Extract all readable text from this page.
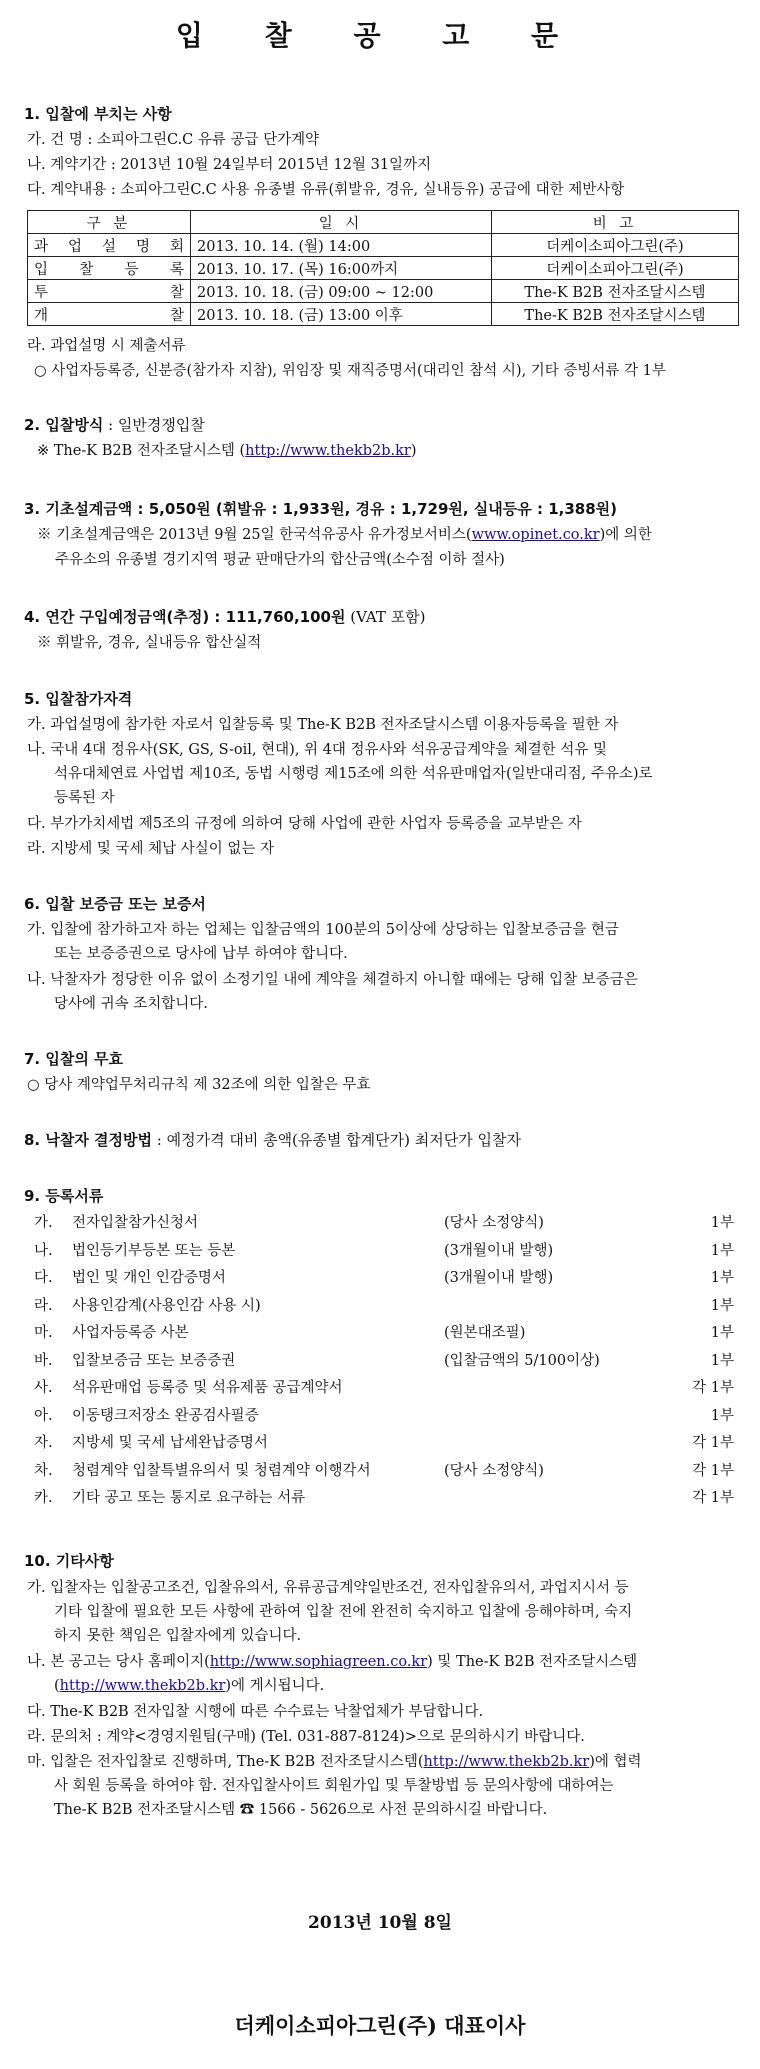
입 찰 공 고 문
1. 입찰에 부치는 사항
가. 건 명 : 소피아그린C.C 유류 공급 단가계약
나. 계약기간 : 2013년 10월 24일부터 2015년 12월 31일까지
다. 계약내용 : 소피아그린C.C 사용 유종별 유류(휘발유, 경유, 실내등유) 공급에 대한 제반사항
구 분	일 시	비 고
과 업 설 명 회	2013. 10. 14. (월) 14:00	더케이소피아그린(주)
입 찰 등 록	2013. 10. 17. (목) 16:00까지	더케이소피아그린(주)
투 찰	2013. 10. 18. (금) 09:00 ~ 12:00	The-K B2B 전자조달시스템
개 찰	2013. 10. 18. (금) 13:00 이후	The-K B2B 전자조달시스템
라. 과업설명 시 제출서류
○ 사업자등록증, 신분증(참가자 지참), 위임장 및 재직증명서(대리인 참석 시), 기타 증빙서류 각 1부
2. 입찰방식 : 일반경쟁입찰
※ The-K B2B 전자조달시스템 (http://www.thekb2b.kr)
3. 기초설계금액 : 5,050원 (휘발유 : 1,933원, 경유 : 1,729원, 실내등유 : 1,388원)
※ 기초설계금액은 2013년 9월 25일 한국석유공사 유가정보서비스(www.opinet.co.kr)에 의한
주유소의 유종별 경기지역 평균 판매단가의 합산금액(소수점 이하 절사)
4. 연간 구입예정금액(추정) : 111,760,100원 (VAT 포함)
※ 휘발유, 경유, 실내등유 합산실적
5. 입찰참가자격
가. 과업설명에 참가한 자로서 입찰등록 및 The-K B2B 전자조달시스템 이용자등록을 필한 자
나. 국내 4대 정유사(SK, GS, S-oil, 현대), 위 4대 정유사와 석유공급계약을 체결한 석유 및
석유대체연료 사업법 제10조, 동법 시행령 제15조에 의한 석유판매업자(일반대리점, 주유소)로
등록된 자
다. 부가가치세법 제5조의 규정에 의하여 당해 사업에 관한 사업자 등록증을 교부받은 자
라. 지방세 및 국세 체납 사실이 없는 자
6. 입찰 보증금 또는 보증서
가. 입찰에 참가하고자 하는 업체는 입찰금액의 100분의 5이상에 상당하는 입찰보증금을 현금
또는 보증증권으로 당사에 납부 하여야 합니다.
나. 낙찰자가 정당한 이유 없이 소정기일 내에 계약을 체결하지 아니할 때에는 당해 입찰 보증금은
당사에 귀속 조치합니다.
7. 입찰의 무효
○ 당사 계약업무처리규칙 제 32조에 의한 입찰은 무효
8. 낙찰자 결정방법 : 예정가격 대비 총액(유종별 합계단가) 최저단가 입찰자
9. 등록서류
가. 전자입찰참가신청서	(당사 소정양식)	1부
나. 법인등기부등본 또는 등본	(3개월이내 발행)	1부
다. 법인 및 개인 인감증명서	(3개월이내 발행)	1부
라. 사용인감계(사용인감 사용 시)	1부
마. 사업자등록증 사본	(원본대조필)	1부
바. 입찰보증금 또는 보증증권	(입찰금액의 5/100이상)	1부
사. 석유판매업 등록증 및 석유제품 공급계약서	각 1부
아. 이동탱크저장소 완공검사필증	1부
자. 지방세 및 국세 납세완납증명서	각 1부
차. 청렴계약 입찰특별유의서 및 청렴계약 이행각서	(당사 소정양식)	각 1부
카. 기타 공고 또는 통지로 요구하는 서류	각 1부
10. 기타사항
가. 입찰자는 입찰공고조건, 입찰유의서, 유류공급계약일반조건, 전자입찰유의서, 과업지시서 등
기타 입찰에 필요한 모든 사항에 관하여 입찰 전에 완전히 숙지하고 입찰에 응해야하며, 숙지
하지 못한 책임은 입찰자에게 있습니다.
나. 본 공고는 당사 홈페이지(http://www.sophiagreen.co.kr) 및 The-K B2B 전자조달시스템
(http://www.thekb2b.kr)에 게시됩니다.
다. The-K B2B 전자입찰 시행에 따른 수수료는 낙찰업체가 부담합니다.
라. 문의처 : 계약<경영지원팀(구매) (Tel. 031-887-8124)>으로 문의하시기 바랍니다.
마. 입찰은 전자입찰로 진행하며, The-K B2B 전자조달시스템(http://www.thekb2b.kr)에 협력
사 회원 등록을 하여야 함. 전자입찰사이트 회원가입 및 투찰방법 등 문의사항에 대하여는
The-K B2B 전자조달시스템 ☎ 1566 - 5626으로 사전 문의하시길 바랍니다.
2013년 10월 8일
더케이소피아그린(주) 대표이사
